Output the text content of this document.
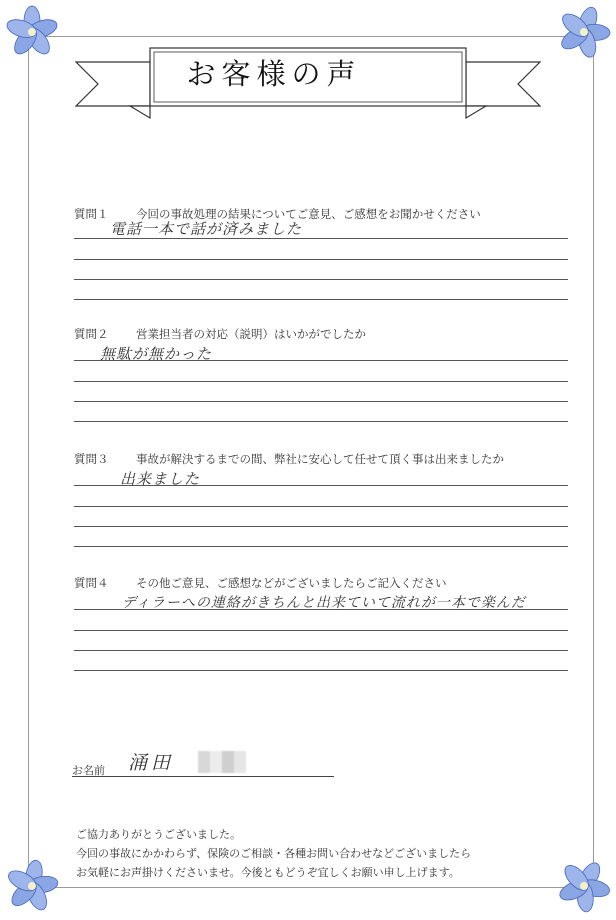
お客様の声
質問１ 今回の事故処理の結果についてご意見、ご感想をお聞かせください
電話一本で話が済みました
質問２ 営業担当者の対応（説明）はいかがでしたか
無駄が無かった
質問３ 事故が解決するまでの間、弊社に安心して任せて頂く事は出来ましたか
出来ました
質問４ その他ご意見、ご感想などがございましたらご記入ください
ディラーへの連絡がきちんと出来ていて流れが一本で楽んだ
お名前 涌田
ご協力ありがとうございました。
今回の事故にかかわらず、保険のご相談・各種お問い合わせなどございましたら
お気軽にお声掛けくださいませ。今後ともどうぞ宜しくお願い申し上げます。
